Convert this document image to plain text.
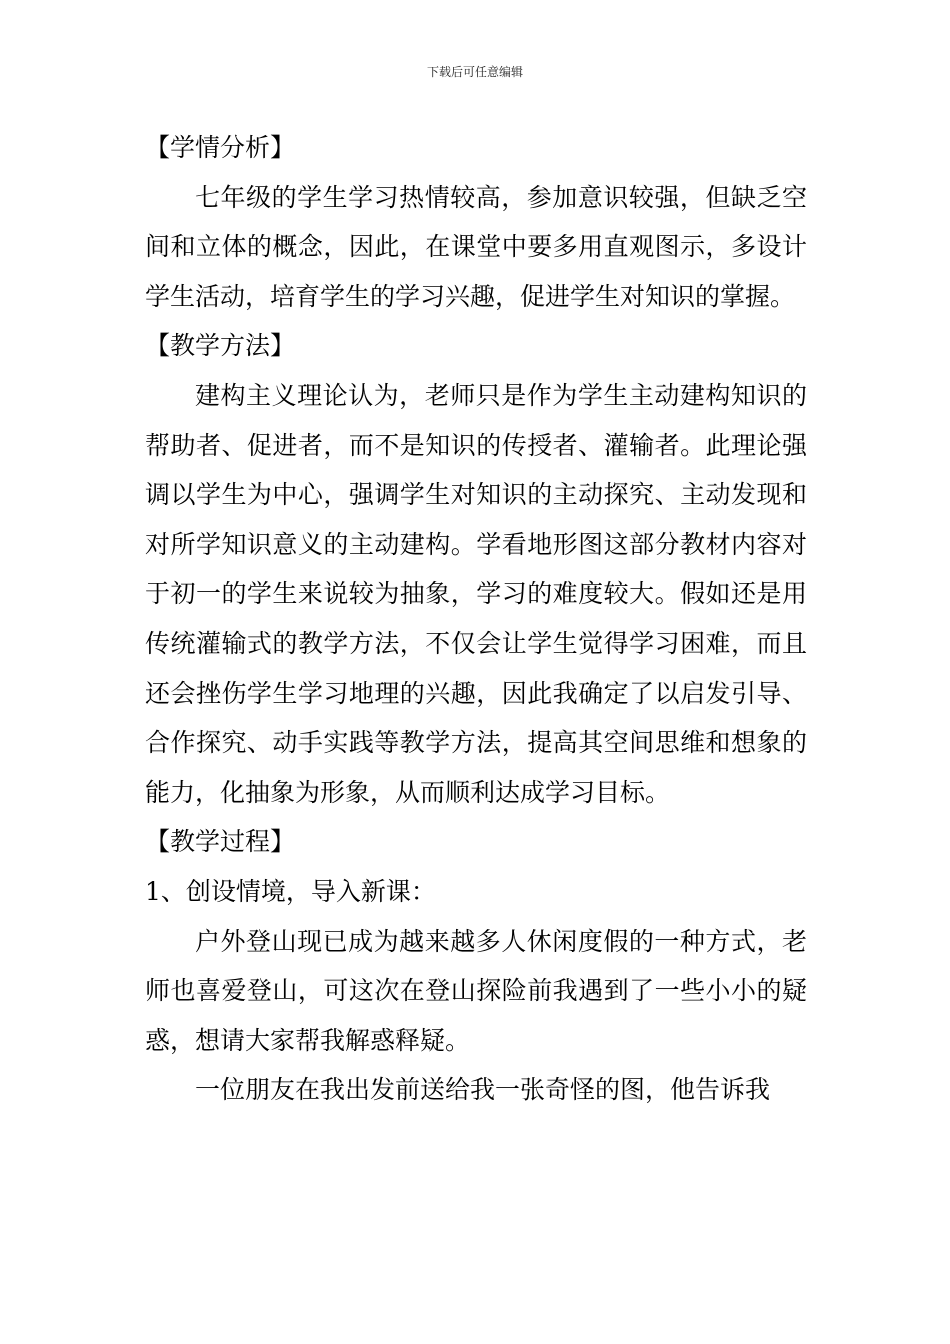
下载后可任意编辑

【学情分析】

七年级的学生学习热情较高，参加意识较强，但缺乏空间和立体的概念，因此，在课堂中要多用直观图示，多设计学生活动，培育学生的学习兴趣，促进学生对知识的掌握。

【教学方法】

建构主义理论认为，老师只是作为学生主动建构知识的帮助者、促进者，而不是知识的传授者、灌输者。此理论强调以学生为中心，强调学生对知识的主动探究、主动发现和对所学知识意义的主动建构。学看地形图这部分教材内容对于初一的学生来说较为抽象，学习的难度较大。假如还是用传统灌输式的教学方法，不仅会让学生觉得学习困难，而且还会挫伤学生学习地理的兴趣，因此我确定了以启发引导、合作探究、动手实践等教学方法，提高其空间思维和想象的能力，化抽象为形象，从而顺利达成学习目标。

【教学过程】

1、创设情境，导入新课：

户外登山现已成为越来越多人休闲度假的一种方式，老师也喜爱登山，可这次在登山探险前我遇到了一些小小的疑惑，想请大家帮我解惑释疑。

一位朋友在我出发前送给我一张奇怪的图，他告诉我
